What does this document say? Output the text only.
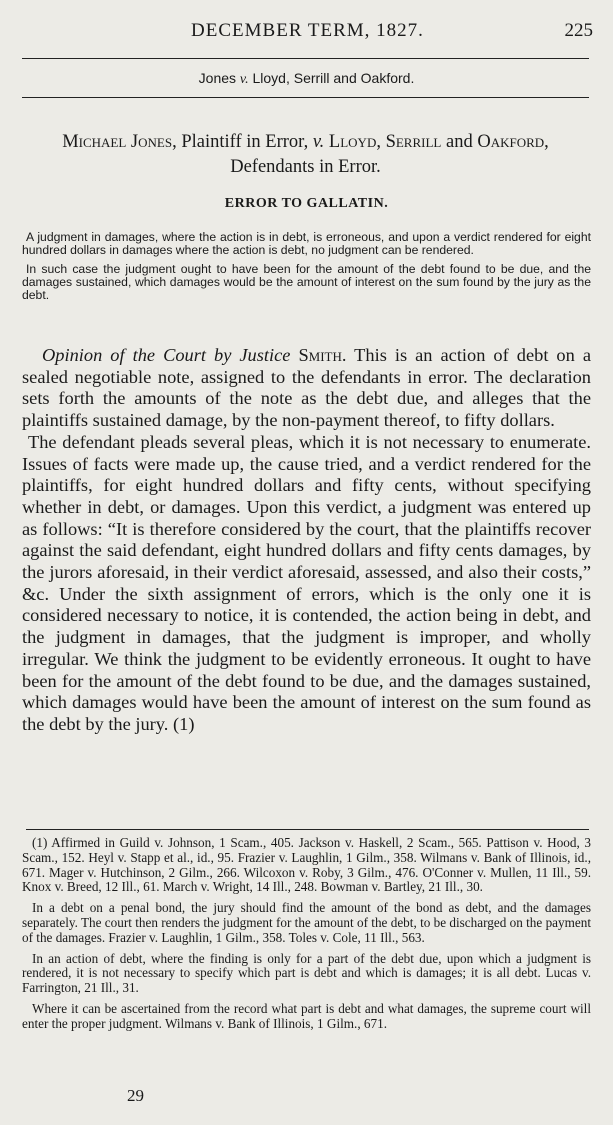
DECEMBER TERM, 1827.	225
Jones v. Lloyd, Serrill and Oakford.
Michael Jones, Plaintiff in Error, v. Lloyd, Serrill and Oakford, Defendants in Error.
ERROR TO GALLATIN.

A judgment in damages, where the action is in debt, is erroneous, and upon a verdict rendered for eight hundred dollars in damages where the action is debt, no judgment can be rendered.

In such case the judgment ought to have been for the amount of the debt found to be due, and the damages sustained, which damages would be the amount of interest on the sum found by the jury as the debt.

Opinion of the Court by Justice Smith. This is an action of debt on a sealed negotiable note, assigned to the defendants in error. The declaration sets forth the amounts of the note as the debt due, and alleges that the plaintiffs sustained damage, by the non-payment thereof, to fifty dollars.

The defendant pleads several pleas, which it is not necessary to enumerate. Issues of facts were made up, the cause tried, and a verdict rendered for the plaintiffs, for eight hundred dollars and fifty cents, without specifying whether in debt, or damages. Upon this verdict, a judgment was entered up as follows: “It is therefore considered by the court, that the plaintiffs recover against the said defendant, eight hundred dollars and fifty cents damages, by the jurors aforesaid, in their verdict aforesaid, assessed, and also their costs,” &c. Under the sixth assignment of errors, which is the only one it is considered necessary to notice, it is contended, the action being in debt, and the judgment in damages, that the judgment is improper, and wholly irregular. We think the judgment to be evidently erroneous. It ought to have been for the amount of the debt found to be due, and the damages sustained, which damages would have been the amount of interest on the sum found as the debt by the jury. (1)

(1) Affirmed in Guild v. Johnson, 1 Scam., 405. Jackson v. Haskell, 2 Scam., 565. Pattison v. Hood, 3 Scam., 152. Heyl v. Stapp et al., id., 95. Frazier v. Laughlin, 1 Gilm., 358. Wilmans v. Bank of Illinois, id., 671. Mager v. Hutchinson, 2 Gilm., 266. Wilcoxon v. Roby, 3 Gilm., 476. O'Conner v. Mullen, 11 Ill., 59. Knox v. Breed, 12 Ill., 61. March v. Wright, 14 Ill., 248. Bowman v. Bartley, 21 Ill., 30.

In a debt on a penal bond, the jury should find the amount of the bond as debt, and the damages separately. The court then renders the judgment for the amount of the debt, to be discharged on the payment of the damages. Frazier v. Laughlin, 1 Gilm., 358. Toles v. Cole, 11 Ill., 563.

In an action of debt, where the finding is only for a part of the debt due, upon which a judgment is rendered, it is not necessary to specify which part is debt and which is damages; it is all debt. Lucas v. Farrington, 21 Ill., 31.

Where it can be ascertained from the record what part is debt and what damages, the supreme court will enter the proper judgment. Wilmans v. Bank of Illinois, 1 Gilm., 671.

29
